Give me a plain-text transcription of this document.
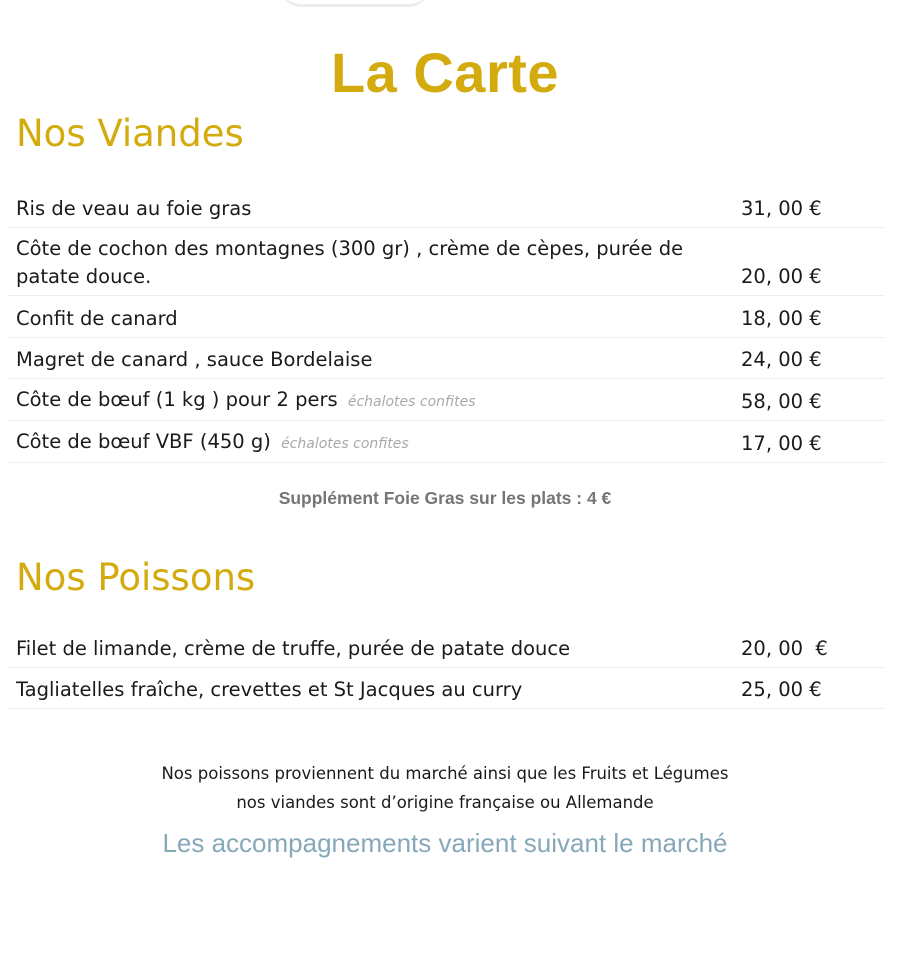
La Carte
Nos Viandes
Ris de veau au foie gras	31, 00 €
Côte de cochon des montagnes (300 gr) , crème de cèpes, purée de patate douce.	20, 00 €
Confit de canard	18, 00 €
Magret de canard , sauce Bordelaise	24, 00 €
Côte de bœuf (1 kg ) pour 2 pers échalotes confites	58, 00 €
Côte de bœuf VBF (450 g) échalotes confites	17, 00 €
Supplément Foie Gras sur les plats : 4 €
Nos Poissons
Filet de limande, crème de truffe, purée de patate douce	20, 00  €
Tagliatelles fraîche, crevettes et St Jacques au curry	25, 00 €
Nos poissons proviennent du marché ainsi que les Fruits et Légumes
nos viandes sont d’origine française ou Allemande
Les accompagnements varient suivant le marché
